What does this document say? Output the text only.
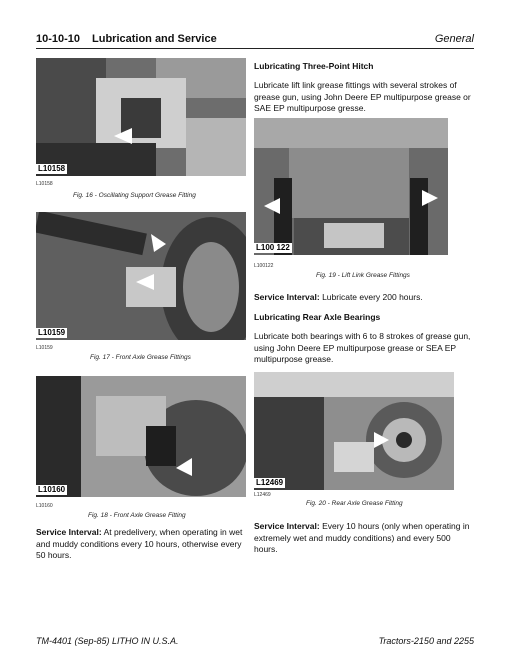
10-10-10 Lubrication and Service	General
L10158
L10158
Fig. 16 - Oscillating Support Grease Fitting
L10159
L10159
Fig. 17 - Front Axle Grease Fittings
L10160
L10160
Fig. 18 - Front Axle Grease Fitting
Service Interval: At predelivery, when operating in wet and muddy conditions every 10 hours, otherwise every 50 hours.
Lubricating Three-Point Hitch
Lubricate lift link grease fittings with several strokes of grease gun, using John Deere EP multipurpose grease or SAE EP multipurpose gresse.
L100 122
L100122
Fig. 19 - Lift Link Grease Fittings
Service Interval: Lubricate every 200 hours.
Lubricating Rear Axle Bearings
Lubricate both bearings with 6 to 8 strokes of grease gun, using John Deere EP multipurpose grease or SEA EP multipurpose grease.
L12469
L12469
Fig. 20 - Rear Axle Grease Fitting
Service Interval: Every 10 hours (only when operating in extremely wet and muddy conditions) and every 500 hours.
TM-4401 (Sep-85) LITHO IN U.S.A.	Tractors-2150 and 2255
